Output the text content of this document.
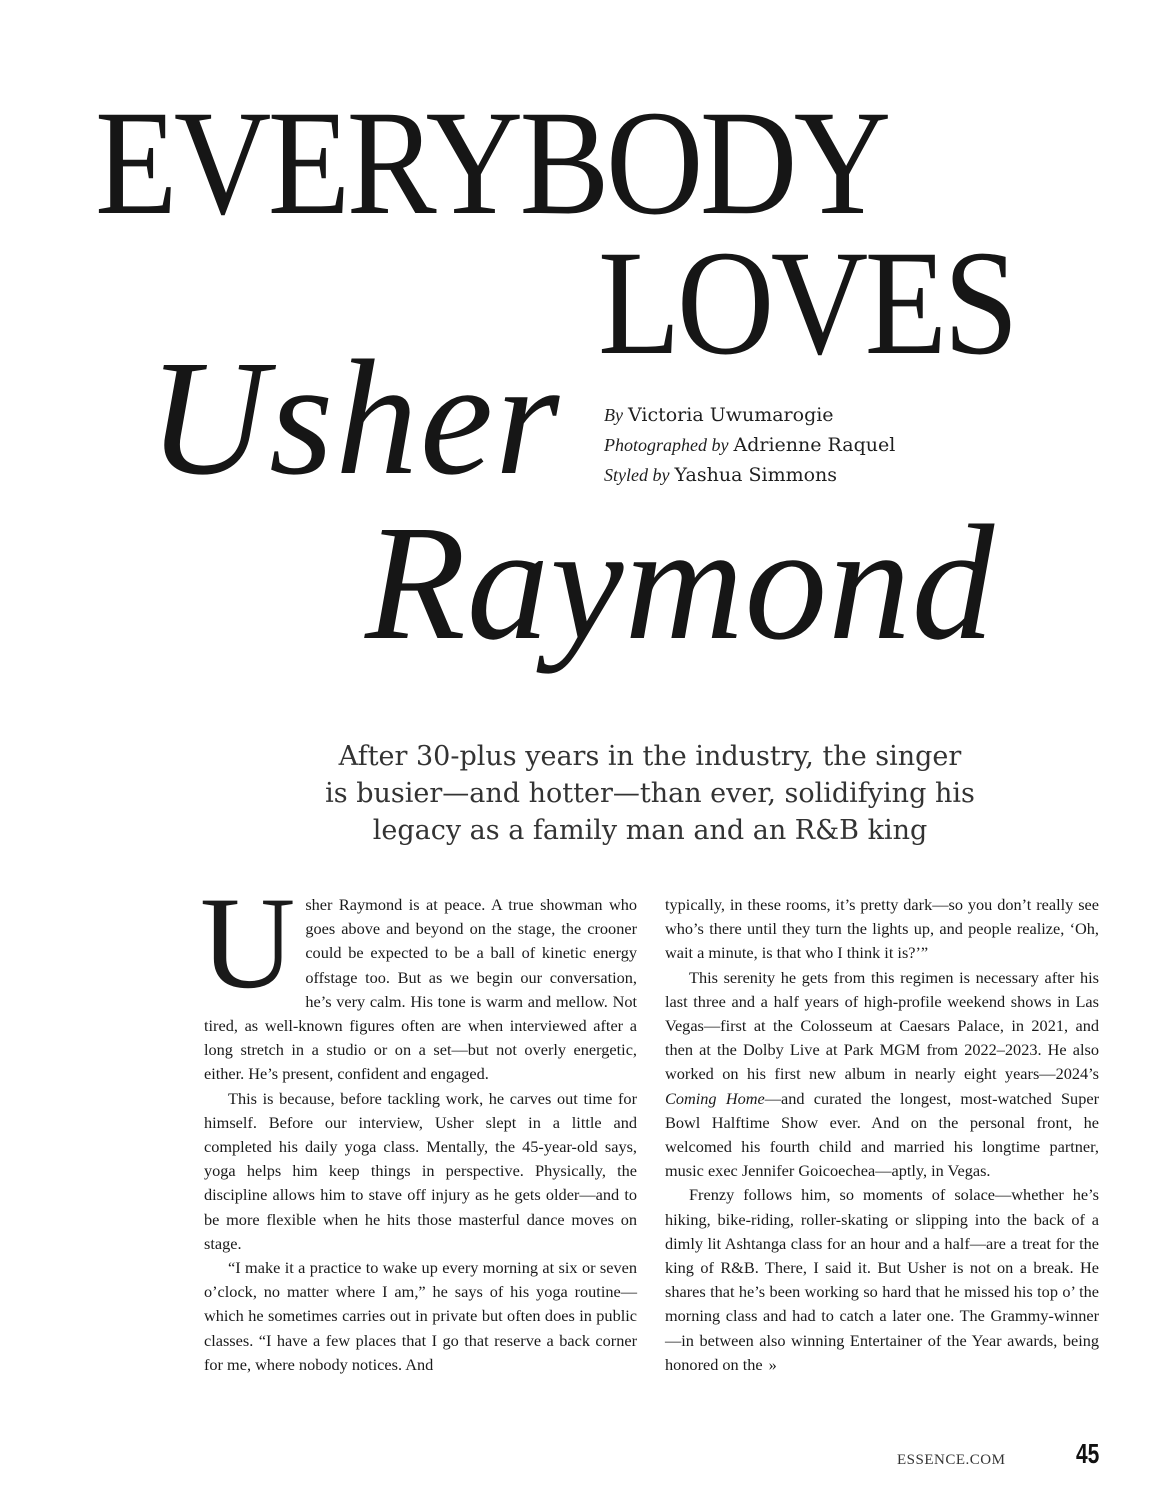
EVERYBODY
LOVES
Usher
Raymond
By Victoria Uwumarogie
Photographed by Adrienne Raquel
Styled by Yashua Simmons
After 30-plus years in the industry, the singer
is busier—and hotter—than ever, solidifying his
legacy as a family man and an R&B king

Usher Raymond is at peace. A true showman who goes above and beyond on the stage, the crooner could be expected to be a ball of kinetic energy offstage too. But as we begin our conversation, he’s very calm. His tone is warm and mellow. Not tired, as well-known figures often are when interviewed after a long stretch in a studio or on a set—but not overly energetic, either. He’s present, confident and engaged.

This is because, before tackling work, he carves out time for himself. Before our interview, Usher slept in a little and completed his daily yoga class. Mentally, the 45-year-old says, yoga helps him keep things in perspective. Physically, the discipline allows him to stave off injury as he gets older—and to be more flexible when he hits those masterful dance moves on stage.

“I make it a practice to wake up every morning at six or seven o’clock, no matter where I am,” he says of his yoga routine—which he sometimes carries out in private but often does in public classes. “I have a few places that I go that reserve a back corner for me, where nobody notices. And

typically, in these rooms, it’s pretty dark—so you don’t really see who’s there until they turn the lights up, and people realize, ‘Oh, wait a minute, is that who I think it is?’”

This serenity he gets from this regimen is necessary after his last three and a half years of high-profile weekend shows in Las Vegas—first at the Colosseum at Caesars Palace, in 2021, and then at the Dolby Live at Park MGM from 2022–2023. He also worked on his first new album in nearly eight years—2024’s Coming Home—and curated the longest, most-watched Super Bowl Halftime Show ever. And on the personal front, he welcomed his fourth child and married his longtime partner, music exec Jennifer Goicoechea—aptly, in Vegas.

Frenzy follows him, so moments of solace—whether he’s hiking, bike-riding, roller-skating or slipping into the back of a dimly lit Ashtanga class for an hour and a half—are a treat for the king of R&B. There, I said it. But Usher is not on a break. He shares that he’s been working so hard that he missed his top o’ the morning class and had to catch a later one. The Grammy-winner—in between also winning Entertainer of the Year awards, being honored on the »

ESSENCE.COM	45
